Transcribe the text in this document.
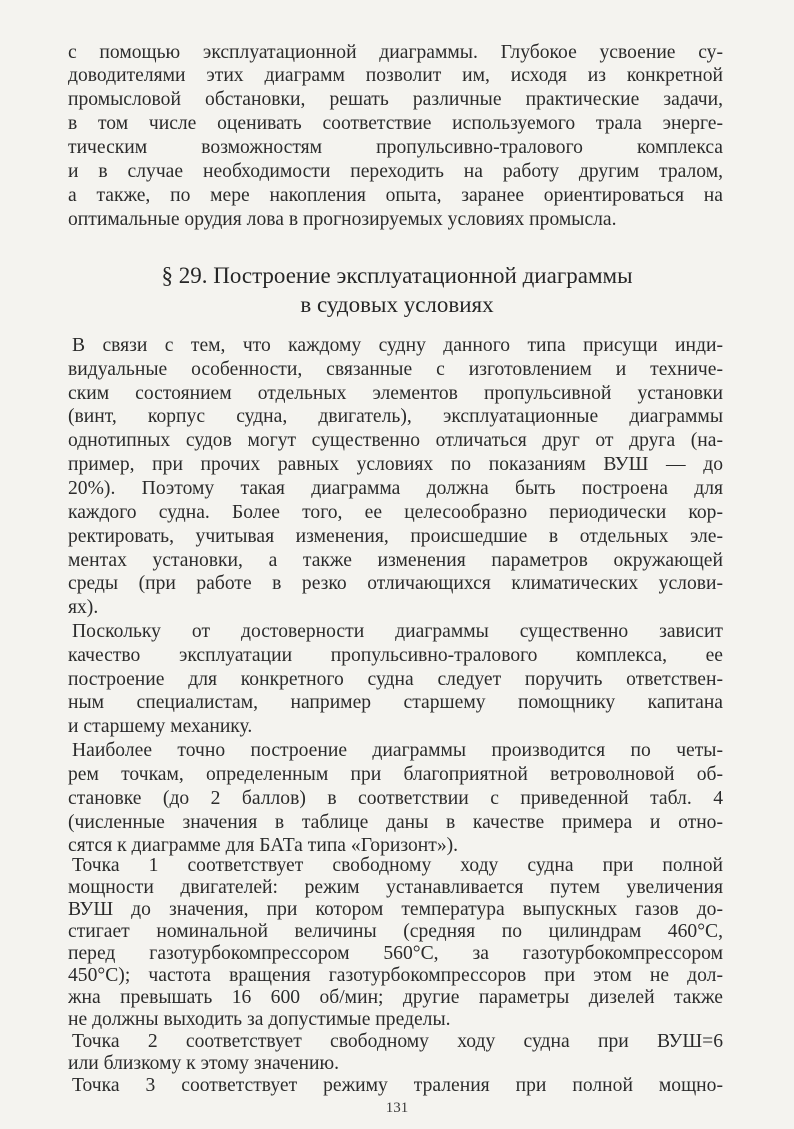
с помощью эксплуатационной диаграммы. Глубокое усвоение су-
доводителями этих диаграмм позволит им, исходя из конкретной
промысловой обстановки, решать различные практические задачи,
в том числе оценивать соответствие используемого трала энерге-
тическим возможностям пропульсивно-тралового комплекса
и в случае необходимости переходить на работу другим тралом,
а также, по мере накопления опыта, заранее ориентироваться на
оптимальные орудия лова в прогнозируемых условиях промысла.
§ 29. Построение эксплуатационной диаграммы
в судовых условиях
В связи с тем, что каждому судну данного типа присущи инди-
видуальные особенности, связанные с изготовлением и техниче-
ским состоянием отдельных элементов пропульсивной установки
(винт, корпус судна, двигатель), эксплуатационные диаграммы
однотипных судов могут существенно отличаться друг от друга (на-
пример, при прочих равных условиях по показаниям ВУШ — до
20%). Поэтому такая диаграмма должна быть построена для
каждого судна. Более того, ее целесообразно периодически кор-
ректировать, учитывая изменения, происшедшие в отдельных эле-
ментах установки, а также изменения параметров окружающей
среды (при работе в резко отличающихся климатических услови-
ях).
Поскольку от достоверности диаграммы существенно зависит
качество эксплуатации пропульсивно-тралового комплекса, ее
построение для конкретного судна следует поручить ответствен-
ным специалистам, например старшему помощнику капитана
и старшему механику.
Наиболее точно построение диаграммы производится по четы-
рем точкам, определенным при благоприятной ветроволновой об-
становке (до 2 баллов) в соответствии с приведенной табл. 4
(численные значения в таблице даны в качестве примера и отно-
сятся к диаграмме для БАТа типа «Горизонт»).
Точка 1 соответствует свободному ходу судна при полной
мощности двигателей: режим устанавливается путем увеличения
ВУШ до значения, при котором температура выпускных газов до-
стигает номинальной величины (средняя по цилиндрам 460°С,
перед газотурбокомпрессором 560°С, за газотурбокомпрессором
450°С); частота вращения газотурбокомпрессоров при этом не дол-
жна превышать 16 600 об/мин; другие параметры дизелей также
не должны выходить за допустимые пределы.
131
Точка 2 соответствует свободному ходу судна при ВУШ=6
или близкому к этому значению.
Точка 3 соответствует режиму траления при полной мощно-
